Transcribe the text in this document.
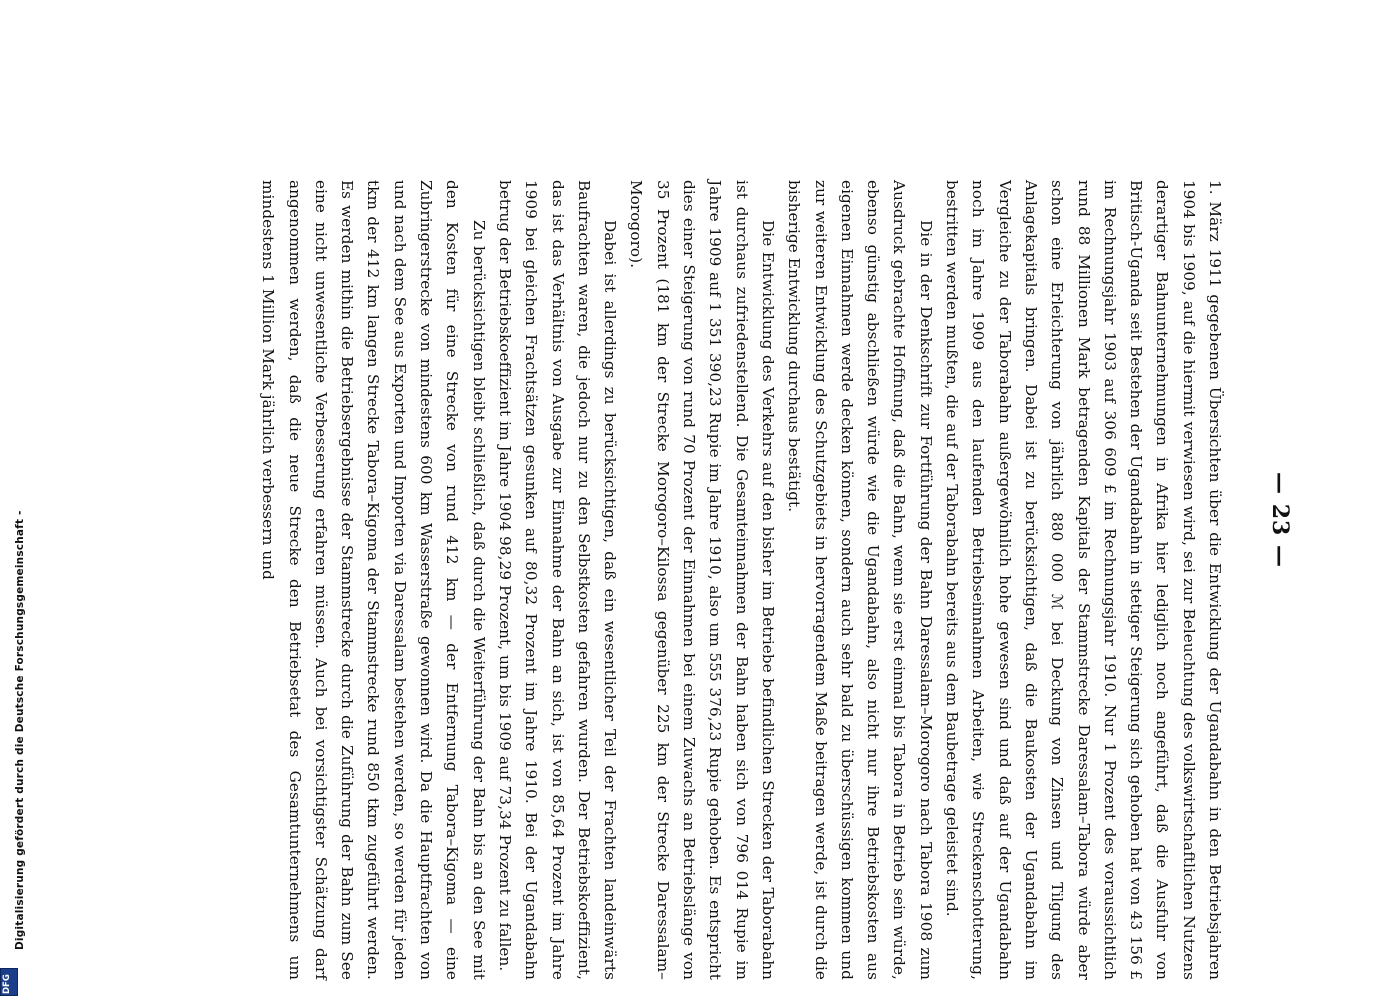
— 23 —

1. März 1911 gegebenen Übersichten über die Entwicklung der Ugandabahn in den Betriebsjahren 1904 bis 1909, auf die hiermit verwiesen wird, sei zur Beleuchtung des volkswirtschaftlichen Nutzens derartiger Bahnunternehmungen in Afrika hier lediglich noch angeführt, daß die Ausfuhr von Britisch-Uganda seit Bestehen der Ugandabahn in stetiger Steigerung sich gehoben hat von 43 156 £ im Rechnungsjahr 1903 auf 306 609 £ im Rechnungsjahr 1910. Nur 1 Prozent des voraussichtlich rund 88 Millionen Mark betragenden Kapitals der Stammstrecke Daressalam–Tabora würde aber schon eine Erleichterung von jährlich 880 000 ℳ bei Deckung von Zinsen und Tilgung des Anlagekapitals bringen. Dabei ist zu berücksichtigen, daß die Baukosten der Ugandabahn im Vergleiche zu der Taborabahn außergewöhnlich hohe gewesen sind und daß auf der Ugandabahn noch im Jahre 1909 aus den laufenden Betriebseinnahmen Arbeiten, wie Streckenschotterung, bestritten werden mußten, die auf der Taborabahn bereits aus dem Baubetrage geleistet sind.

Die in der Denkschrift zur Fortführung der Bahn Daressalam–Morogoro nach Tabora 1908 zum Ausdruck gebrachte Hoffnung, daß die Bahn, wenn sie erst einmal bis Tabora in Betrieb sein würde, ebenso günstig abschließen würde wie die Ugandabahn, also nicht nur ihre Betriebskosten aus eigenen Einnahmen werde decken können, sondern auch sehr bald zu überschüssigen kommen und zur weiteren Entwicklung des Schutzgebiets in hervorragendem Maße beitragen werde, ist durch die bisherige Entwicklung durchaus bestätigt.

Die Entwicklung des Verkehrs auf den bisher im Betriebe befindlichen Strecken der Taborabahn ist durchaus zufriedenstellend. Die Gesamteinnahmen der Bahn haben sich von 796 014 Rupie im Jahre 1909 auf 1 351 390,23 Rupie im Jahre 1910, also um 555 376,23 Rupie gehoben. Es entspricht dies einer Steigerung von rund 70 Prozent der Einnahmen bei einem Zuwachs an Betriebslänge von 35 Prozent (181 km der Strecke Morogoro–Kilossa gegenüber 225 km der Strecke Daressalam–Morogoro).

Dabei ist allerdings zu berücksichtigen, daß ein wesentlicher Teil der Frachten landeinwärts Baufrachten waren, die jedoch nur zu den Selbstkosten gefahren wurden. Der Betriebskoeffizient, das ist das Verhältnis von Ausgabe zur Einnahme der Bahn an sich, ist von 85,64 Prozent im Jahre 1909 bei gleichen Frachtsätzen gesunken auf 80,32 Prozent im Jahre 1910. Bei der Ugandabahn betrug der Betriebskoeffizient im Jahre 1904 98,29 Prozent, um bis 1909 auf 73,34 Prozent zu fallen.

Zu berücksichtigen bleibt schließlich, daß durch die Weiterführung der Bahn bis an den See mit den Kosten für eine Strecke von rund 412 km — der Entfernung Tabora–Kigoma — eine Zubringerstrecke von mindestens 600 km Wasserstraße gewonnen wird. Da die Hauptfrachten von und nach dem See aus Exporten und Importen via Daressalam bestehen werden, so werden für jeden tkm der 412 km langen Strecke Tabora–Kigoma der Stammstrecke rund 850 tkm zugeführt werden. Es werden mithin die Betriebsergebnisse der Stammstrecke durch die Zuführung der Bahn zum See eine nicht unwesentliche Verbesserung erfahren müssen. Auch bei vorsichtigster Schätzung darf angenommen werden, daß die neue Strecke den Betriebsetat des Gesamtunternehmens um mindestens 1 Million Mark jährlich verbessern und

Digitalisierung gefördert durch die Deutsche Forschungsgemeinschaft -
DFG
